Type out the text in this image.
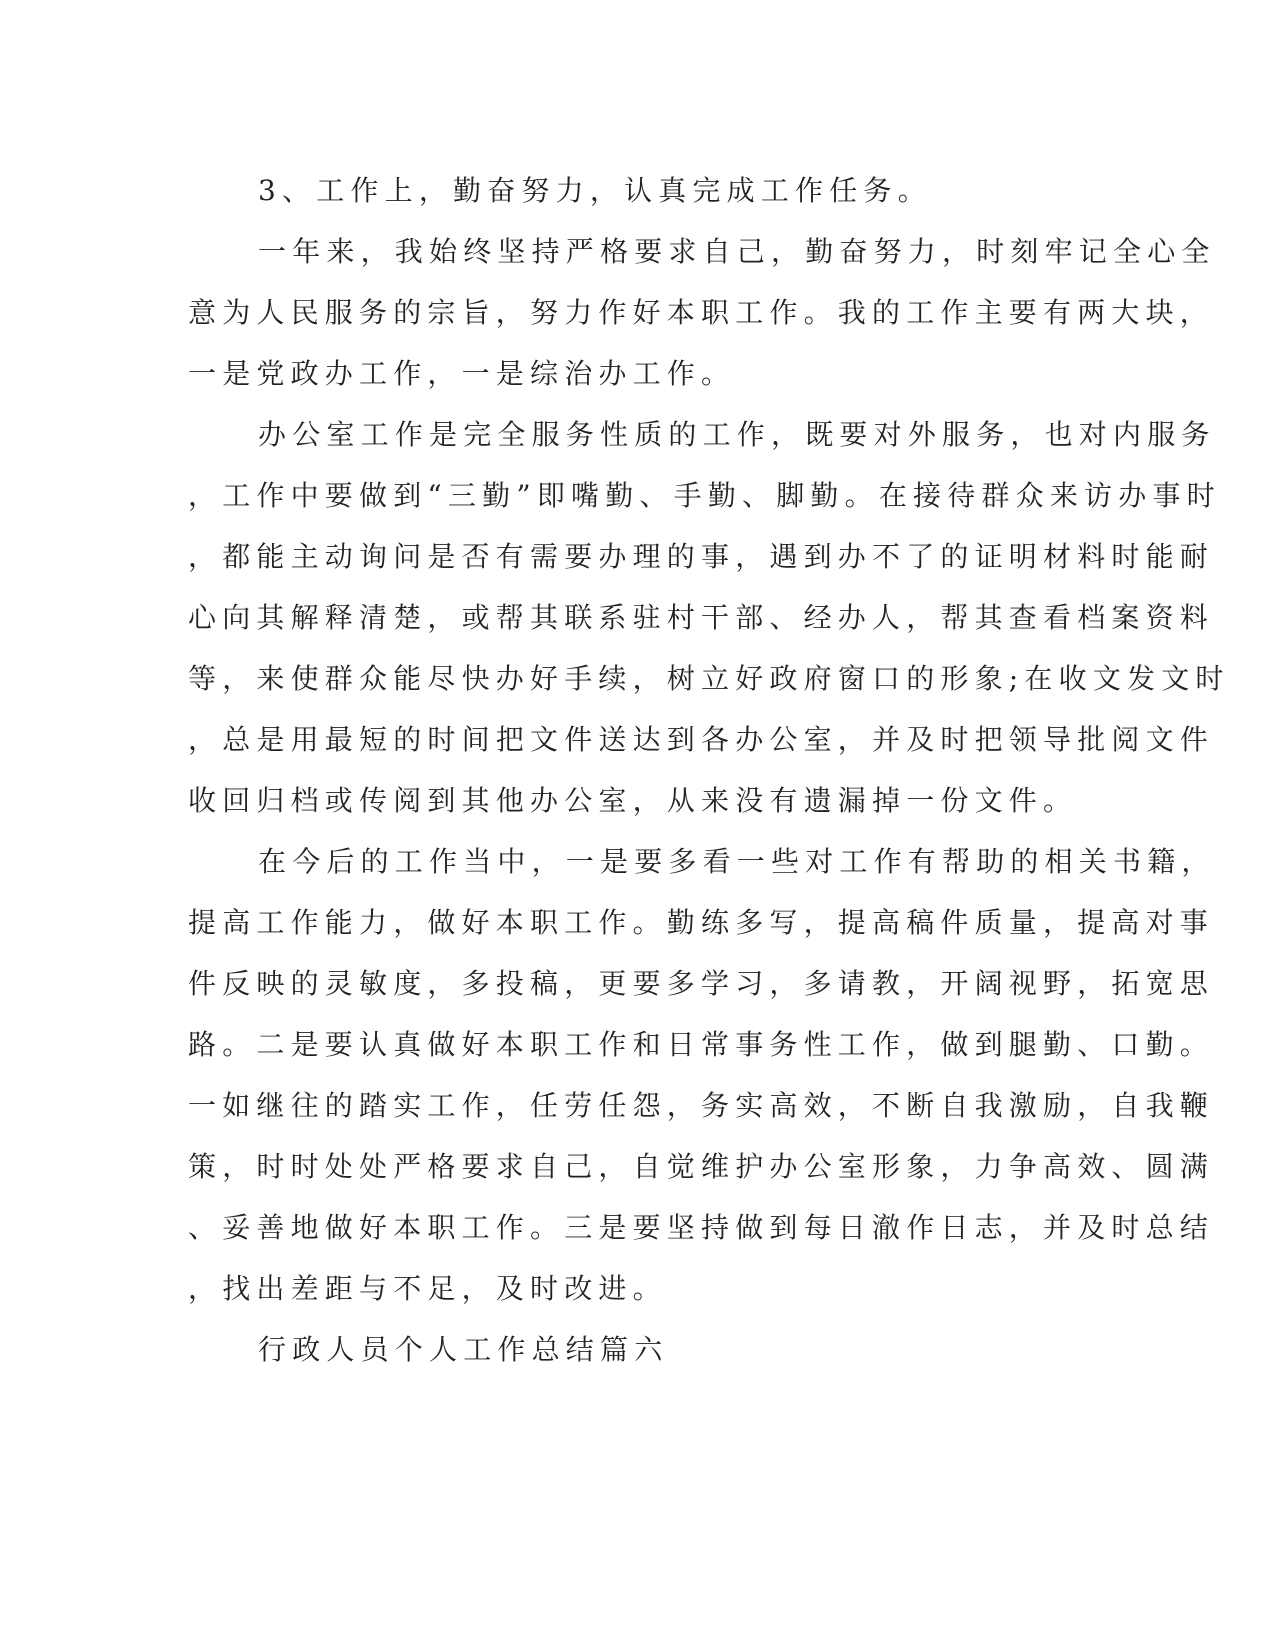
3、工作上，勤奋努力，认真完成工作任务。
一年来，我始终坚持严格要求自己，勤奋努力，时刻牢记全心全
意为人民服务的宗旨，努力作好本职工作。我的工作主要有两大块，
一是党政办工作，一是综治办工作。
办公室工作是完全服务性质的工作，既要对外服务，也对内服务
，工作中要做到“三勤”即嘴勤、手勤、脚勤。在接待群众来访办事时
，都能主动询问是否有需要办理的事，遇到办不了的证明材料时能耐
心向其解释清楚，或帮其联系驻村干部、经办人，帮其查看档案资料
等，来使群众能尽快办好手续，树立好政府窗口的形象;在收文发文时
，总是用最短的时间把文件送达到各办公室，并及时把领导批阅文件
收回归档或传阅到其他办公室，从来没有遗漏掉一份文件。
在今后的工作当中，一是要多看一些对工作有帮助的相关书籍，
提高工作能力，做好本职工作。勤练多写，提高稿件质量，提高对事
件反映的灵敏度，多投稿，更要多学习，多请教，开阔视野，拓宽思
路。二是要认真做好本职工作和日常事务性工作，做到腿勤、口勤。
一如继往的踏实工作，任劳任怨，务实高效，不断自我激励，自我鞭
策，时时处处严格要求自己，自觉维护办公室形象，力争高效、圆满
、妥善地做好本职工作。三是要坚持做到每日澈作日志，并及时总结
，找出差距与不足，及时改进。
行政人员个人工作总结篇六
